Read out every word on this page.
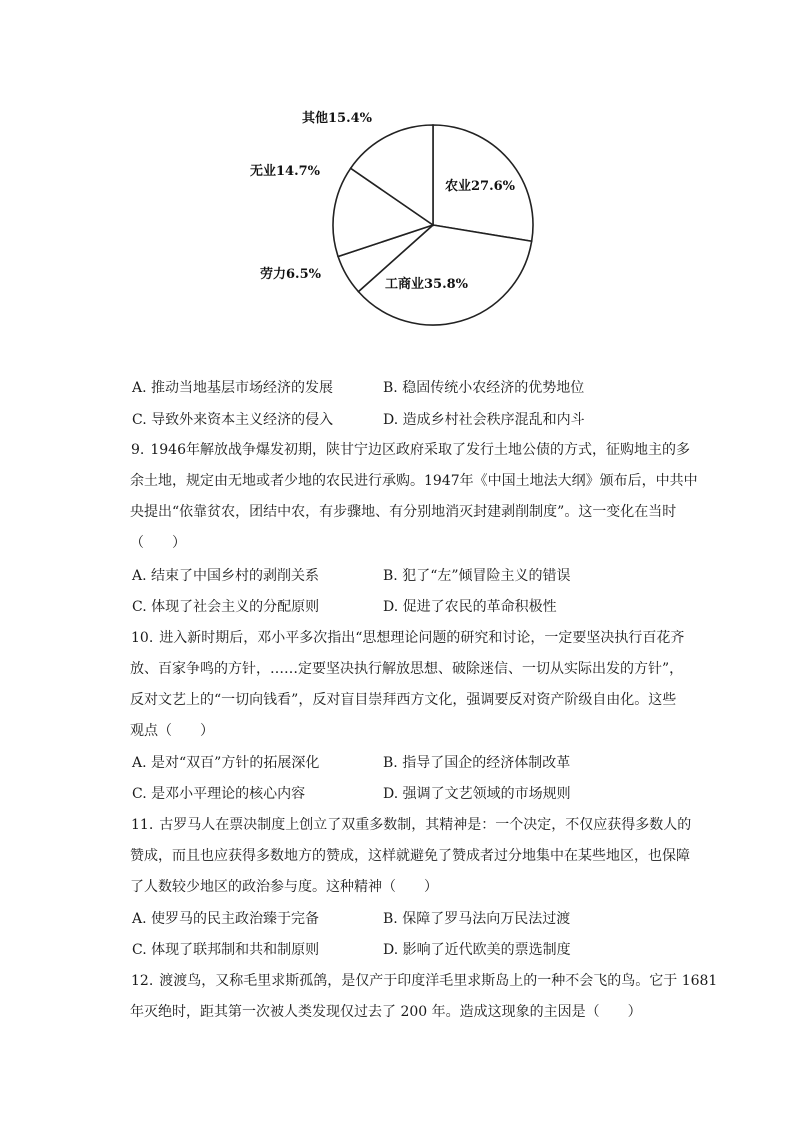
农业27.6%
工商业35.8%
劳力6.5%
无业14.7%
其他15.4%
A. 推动当地基层市场经济的发展	B. 稳固传统小农经济的优势地位
C. 导致外来资本主义经济的侵入	D. 造成乡村社会秩序混乱和内斗
9. 1946年解放战争爆发初期，陕甘宁边区政府采取了发行土地公债的方式，征购地主的多
余土地，规定由无地或者少地的农民进行承购。1947年《中国土地法大纲》颁布后，中共中
央提出“依靠贫农，团结中农，有步骤地、有分别地消灭封建剥削制度”。这一变化在当时
（　　）
A. 结束了中国乡村的剥削关系	B. 犯了“左”倾冒险主义的错误
C. 体现了社会主义的分配原则	D. 促进了农民的革命积极性
10. 进入新时期后，邓小平多次指出“思想理论问题的研究和讨论，一定要坚决执行百花齐
放、百家争鸣的方针，……定要坚决执行解放思想、破除迷信、一切从实际出发的方针”，
反对文艺上的“一切向钱看”，反对盲目崇拜西方文化，强调要反对资产阶级自由化。这些
观点（　　）
A. 是对“双百”方针的拓展深化	B. 指导了国企的经济体制改革
C. 是邓小平理论的核心内容	D. 强调了文艺领域的市场规则
11. 古罗马人在票决制度上创立了双重多数制，其精神是：一个决定，不仅应获得多数人的
赞成，而且也应获得多数地方的赞成，这样就避免了赞成者过分地集中在某些地区，也保障
了人数较少地区的政治参与度。这种精神（　　）
A. 使罗马的民主政治臻于完备	B. 保障了罗马法向万民法过渡
C. 体现了联邦制和共和制原则	D. 影响了近代欧美的票选制度
12. 渡渡鸟，又称毛里求斯孤鸽，是仅产于印度洋毛里求斯岛上的一种不会飞的鸟。它于 1681
年灭绝时，距其第一次被人类发现仅过去了 200 年。造成这现象的主因是（　　）
